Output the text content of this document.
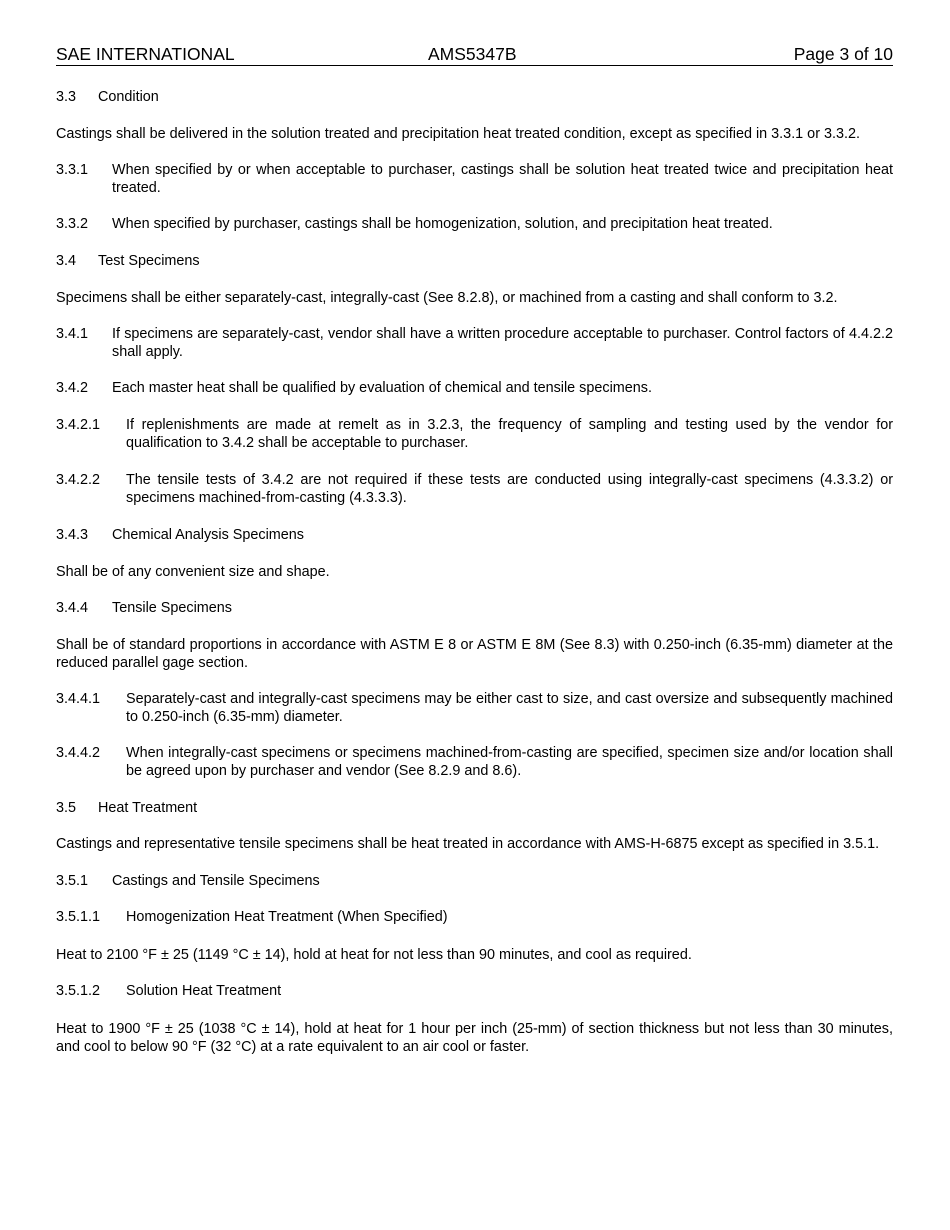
SAE INTERNATIONAL	AMS5347B	Page 3 of 10
3.3 Condition

Castings shall be delivered in the solution treated and precipitation heat treated condition, except as specified in 3.3.1 or 3.3.2.

3.3.1	When specified by or when acceptable to purchaser, castings shall be solution heat treated twice and precipitation heat treated.
3.3.2	When specified by purchaser, castings shall be homogenization, solution, and precipitation heat treated.
3.4 Test Specimens

Specimens shall be either separately-cast, integrally-cast (See 8.2.8), or machined from a casting and shall conform to 3.2.

3.4.1	If specimens are separately-cast, vendor shall have a written procedure acceptable to purchaser. Control factors of 4.4.2.2 shall apply.
3.4.2	Each master heat shall be qualified by evaluation of chemical and tensile specimens.
3.4.2.1	If replenishments are made at remelt as in 3.2.3, the frequency of sampling and testing used by the vendor for qualification to 3.4.2 shall be acceptable to purchaser.
3.4.2.2	The tensile tests of 3.4.2 are not required if these tests are conducted using integrally-cast specimens (4.3.3.2) or specimens machined-from-casting (4.3.3.3).
3.4.3 Chemical Analysis Specimens

Shall be of any convenient size and shape.

3.4.4 Tensile Specimens

Shall be of standard proportions in accordance with ASTM E 8 or ASTM E 8M (See 8.3) with 0.250-inch (6.35-mm) diameter at the reduced parallel gage section.

3.4.4.1	Separately-cast and integrally-cast specimens may be either cast to size, and cast oversize and subsequently machined to 0.250-inch (6.35-mm) diameter.
3.4.4.2	When integrally-cast specimens or specimens machined-from-casting are specified, specimen size and/or location shall be agreed upon by purchaser and vendor (See 8.2.9 and 8.6).
3.5 Heat Treatment

Castings and representative tensile specimens shall be heat treated in accordance with AMS-H-6875 except as specified in 3.5.1.

3.5.1 Castings and Tensile Specimens
3.5.1.1 Homogenization Heat Treatment (When Specified)

Heat to 2100 °F ± 25 (1149 °C ± 14), hold at heat for not less than 90 minutes, and cool as required.

3.5.1.2 Solution Heat Treatment

Heat to 1900 °F ± 25 (1038 °C ± 14), hold at heat for 1 hour per inch (25-mm) of section thickness but not less than 30 minutes, and cool to below 90 °F (32 °C) at a rate equivalent to an air cool or faster.
